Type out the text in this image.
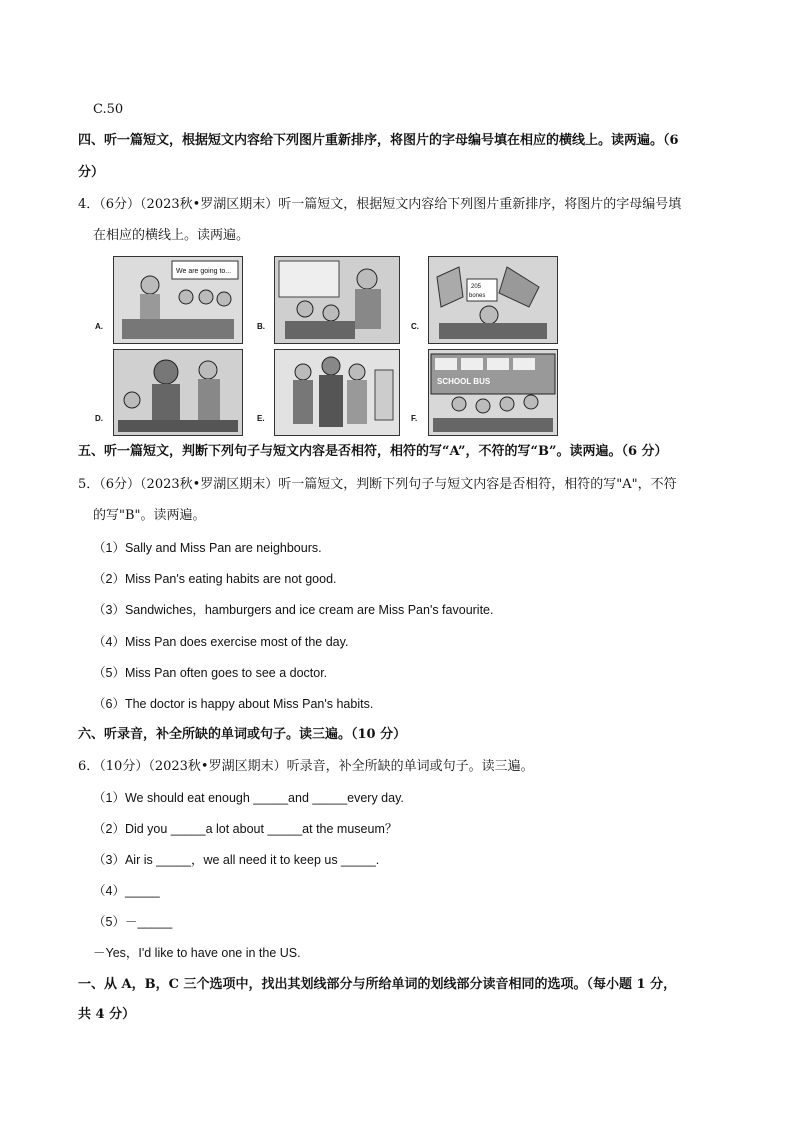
C.50
四、听一篇短文，根据短文内容给下列图片重新排序，将图片的字母编号填在相应的横线上。读两遍。（6
分）
4．（6分）（2023秋•罗湖区期末）听一篇短文，根据短文内容给下列图片重新排序，将图片的字母编号填
在相应的横线上。读两遍。
A.
We are going to...
B.	C.
205
bones
D.	E.	F.
SCHOOL BUS
五、听一篇短文，判断下列句子与短文内容是否相符，相符的写“A”，不符的写“B”。读两遍。（6 分）
5．（6分）（2023秋•罗湖区期末）听一篇短文，判断下列句子与短文内容是否相符，相符的写"A"，不符
的写"B"。读两遍。
（1）Sally and Miss Pan are neighbours.
（2）Miss Pan's eating habits are not good.
（3）Sandwiches，hamburgers and ice cream are Miss Pan's favourite.
（4）Miss Pan does exercise most of the day.
（5）Miss Pan often goes to see a doctor.
（6）The doctor is happy about Miss Pan's habits.
六、听录音，补全所缺的单词或句子。读三遍。（10 分）
6．（10分）（2023秋•罗湖区期末）听录音，补全所缺的单词或句子。读三遍。
（1）We should eat enough _____and _____every day.
（2）Did you _____a lot about _____at the museum？
（3）Air is _____，we all need it to keep us _____.
（4）_____
（5）－_____
－Yes，I'd like to have one in the US.
一、从 A，B，C 三个选项中，找出其划线部分与所给单词的划线部分读音相同的选项。（每小题 1 分，
共 4 分）
